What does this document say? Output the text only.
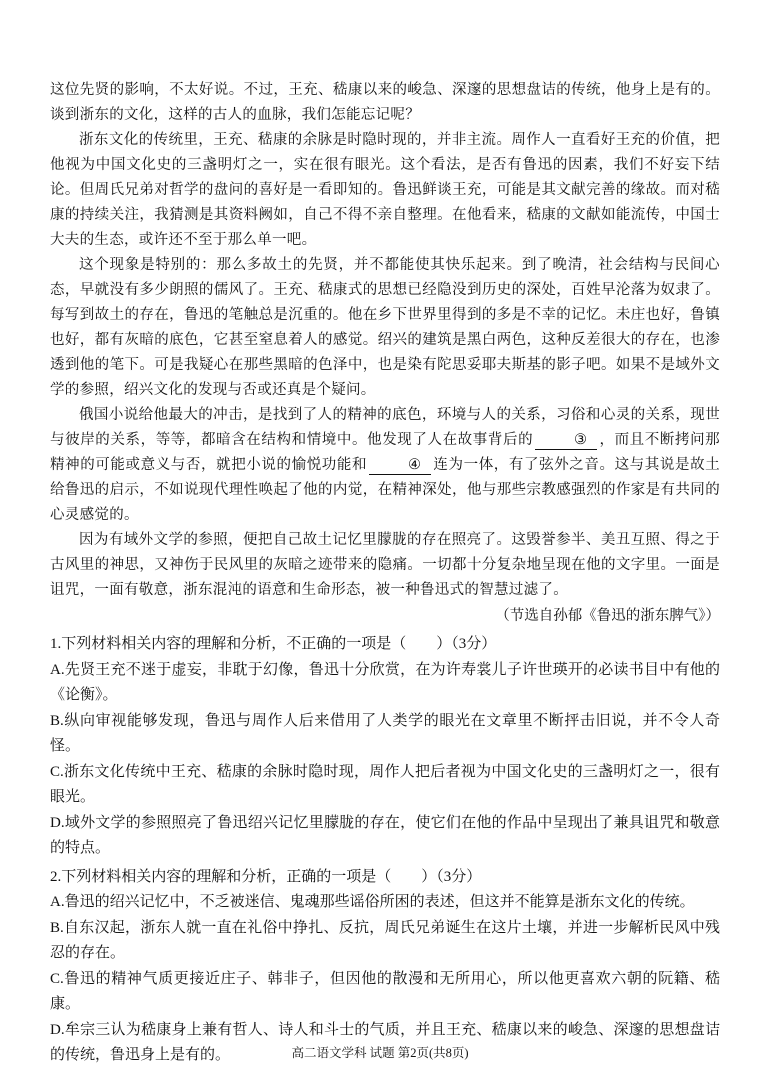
这位先贤的影响，不太好说。不过，王充、嵇康以来的峻急、深邃的思想盘诘的传统，他身上是有的。谈到浙东的文化，这样的古人的血脉，我们怎能忘记呢？

浙东文化的传统里，王充、嵇康的余脉是时隐时现的，并非主流。周作人一直看好王充的价值，把他视为中国文化史的三盏明灯之一，实在很有眼光。这个看法，是否有鲁迅的因素，我们不好妄下结论。但周氏兄弟对哲学的盘问的喜好是一看即知的。鲁迅鲜谈王充，可能是其文献完善的缘故。而对嵇康的持续关注，我猜测是其资料阙如，自己不得不亲自整理。在他看来，嵇康的文献如能流传，中国士大夫的生态，或许还不至于那么单一吧。

这个现象是特别的：那么多故土的先贤，并不都能使其快乐起来。到了晚清，社会结构与民间心态，早就没有多少朗照的儒风了。王充、嵇康式的思想已经隐没到历史的深处，百姓早沦落为奴隶了。每写到故土的存在，鲁迅的笔触总是沉重的。他在乡下世界里得到的多是不幸的记忆。未庄也好，鲁镇也好，都有灰暗的底色，它甚至窒息着人的感觉。绍兴的建筑是黑白两色，这种反差很大的存在，也渗透到他的笔下。可是我疑心在那些黑暗的色泽中，也是染有陀思妥耶夫斯基的影子吧。如果不是域外文学的参照，绍兴文化的发现与否或还真是个疑问。

俄国小说给他最大的冲击，是找到了人的精神的底色，环境与人的关系，习俗和心灵的关系，现世与彼岸的关系，等等，都暗含在结构和情境中。他发现了人在故事背后的	③ ，而且不断拷问那精神的可能或意义与否，就把小说的愉悦功能和	④ 连为一体，有了弦外之音。这与其说是故土给鲁迅的启示，不如说现代理性唤起了他的内觉，在精神深处，他与那些宗教感强烈的作家是有共同的心灵感觉的。

因为有域外文学的参照，便把自己故土记忆里朦胧的存在照亮了。这毁誉参半、美丑互照、得之于古风里的神思，又神伤于民风里的灰暗之迹带来的隐痛。一切都十分复杂地呈现在他的文字里。一面是诅咒，一面有敬意，浙东混沌的语意和生命形态，被一种鲁迅式的智慧过滤了。

（节选自孙郁《鲁迅的浙东脾气》）

1.下列材料相关内容的理解和分析，不正确的一项是（　　）（3分）

A.先贤王充不迷于虚妄，非耽于幻像，鲁迅十分欣赏，在为许寿裳儿子许世瑛开的必读书目中有他的《论衡》。

B.纵向审视能够发现，鲁迅与周作人后来借用了人类学的眼光在文章里不断抨击旧说，并不令人奇怪。

C.浙东文化传统中王充、嵇康的余脉时隐时现，周作人把后者视为中国文化史的三盏明灯之一，很有眼光。

D.域外文学的参照照亮了鲁迅绍兴记忆里朦胧的存在，使它们在他的作品中呈现出了兼具诅咒和敬意的特点。

2.下列材料相关内容的理解和分析，正确的一项是（　　）（3分）

A.鲁迅的绍兴记忆中，不乏被迷信、鬼魂那些谣俗所困的表述，但这并不能算是浙东文化的传统。

B.自东汉起，浙东人就一直在礼俗中挣扎、反抗，周氏兄弟诞生在这片土壤，并进一步解析民风中残忍的存在。

C.鲁迅的精神气质更接近庄子、韩非子，但因他的散漫和无所用心，所以他更喜欢六朝的阮籍、嵇康。

D.牟宗三认为嵇康身上兼有哲人、诗人和斗士的气质，并且王充、嵇康以来的峻急、深邃的思想盘诘的传统，鲁迅身上是有的。	高二语文学科 试题 第2页(共8页)
